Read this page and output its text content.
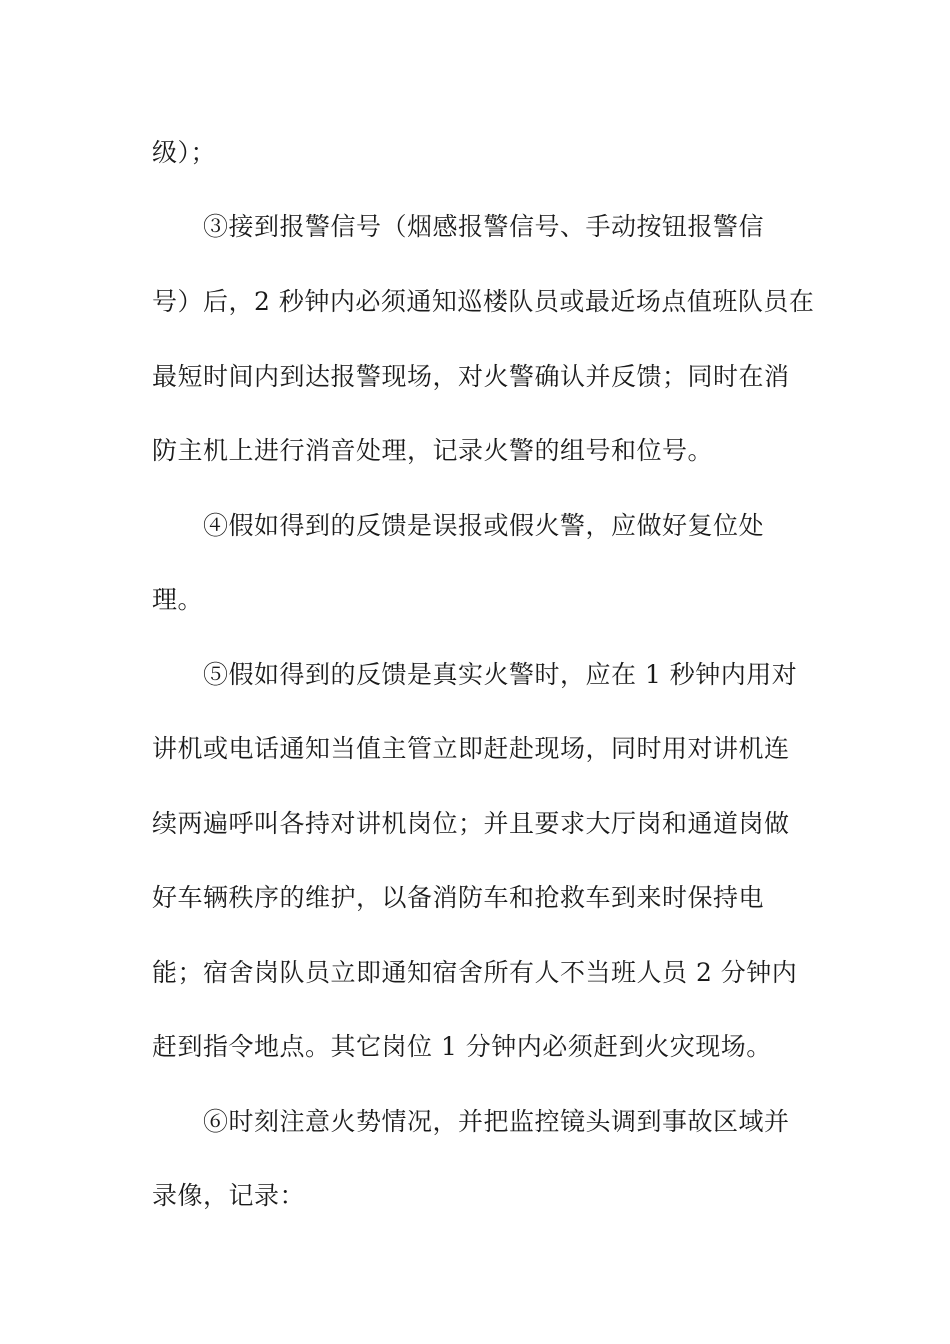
级）；
③接到报警信号（烟感报警信号、手动按钮报警信
号）后，2 秒钟内必须通知巡楼队员或最近场点值班队员在
最短时间内到达报警现场，对火警确认并反馈；同时在消
防主机上进行消音处理，记录火警的组号和位号。
④假如得到的反馈是误报或假火警，应做好复位处
理。
⑤假如得到的反馈是真实火警时，应在 1 秒钟内用对
讲机或电话通知当值主管立即赶赴现场，同时用对讲机连
续两遍呼叫各持对讲机岗位；并且要求大厅岗和通道岗做
好车辆秩序的维护，以备消防车和抢救车到来时保持电
能；宿舍岗队员立即通知宿舍所有人不当班人员 2 分钟内
赶到指令地点。其它岗位 1 分钟内必须赶到火灾现场。
⑥时刻注意火势情况，并把监控镜头调到事故区域并
录像，记录：
